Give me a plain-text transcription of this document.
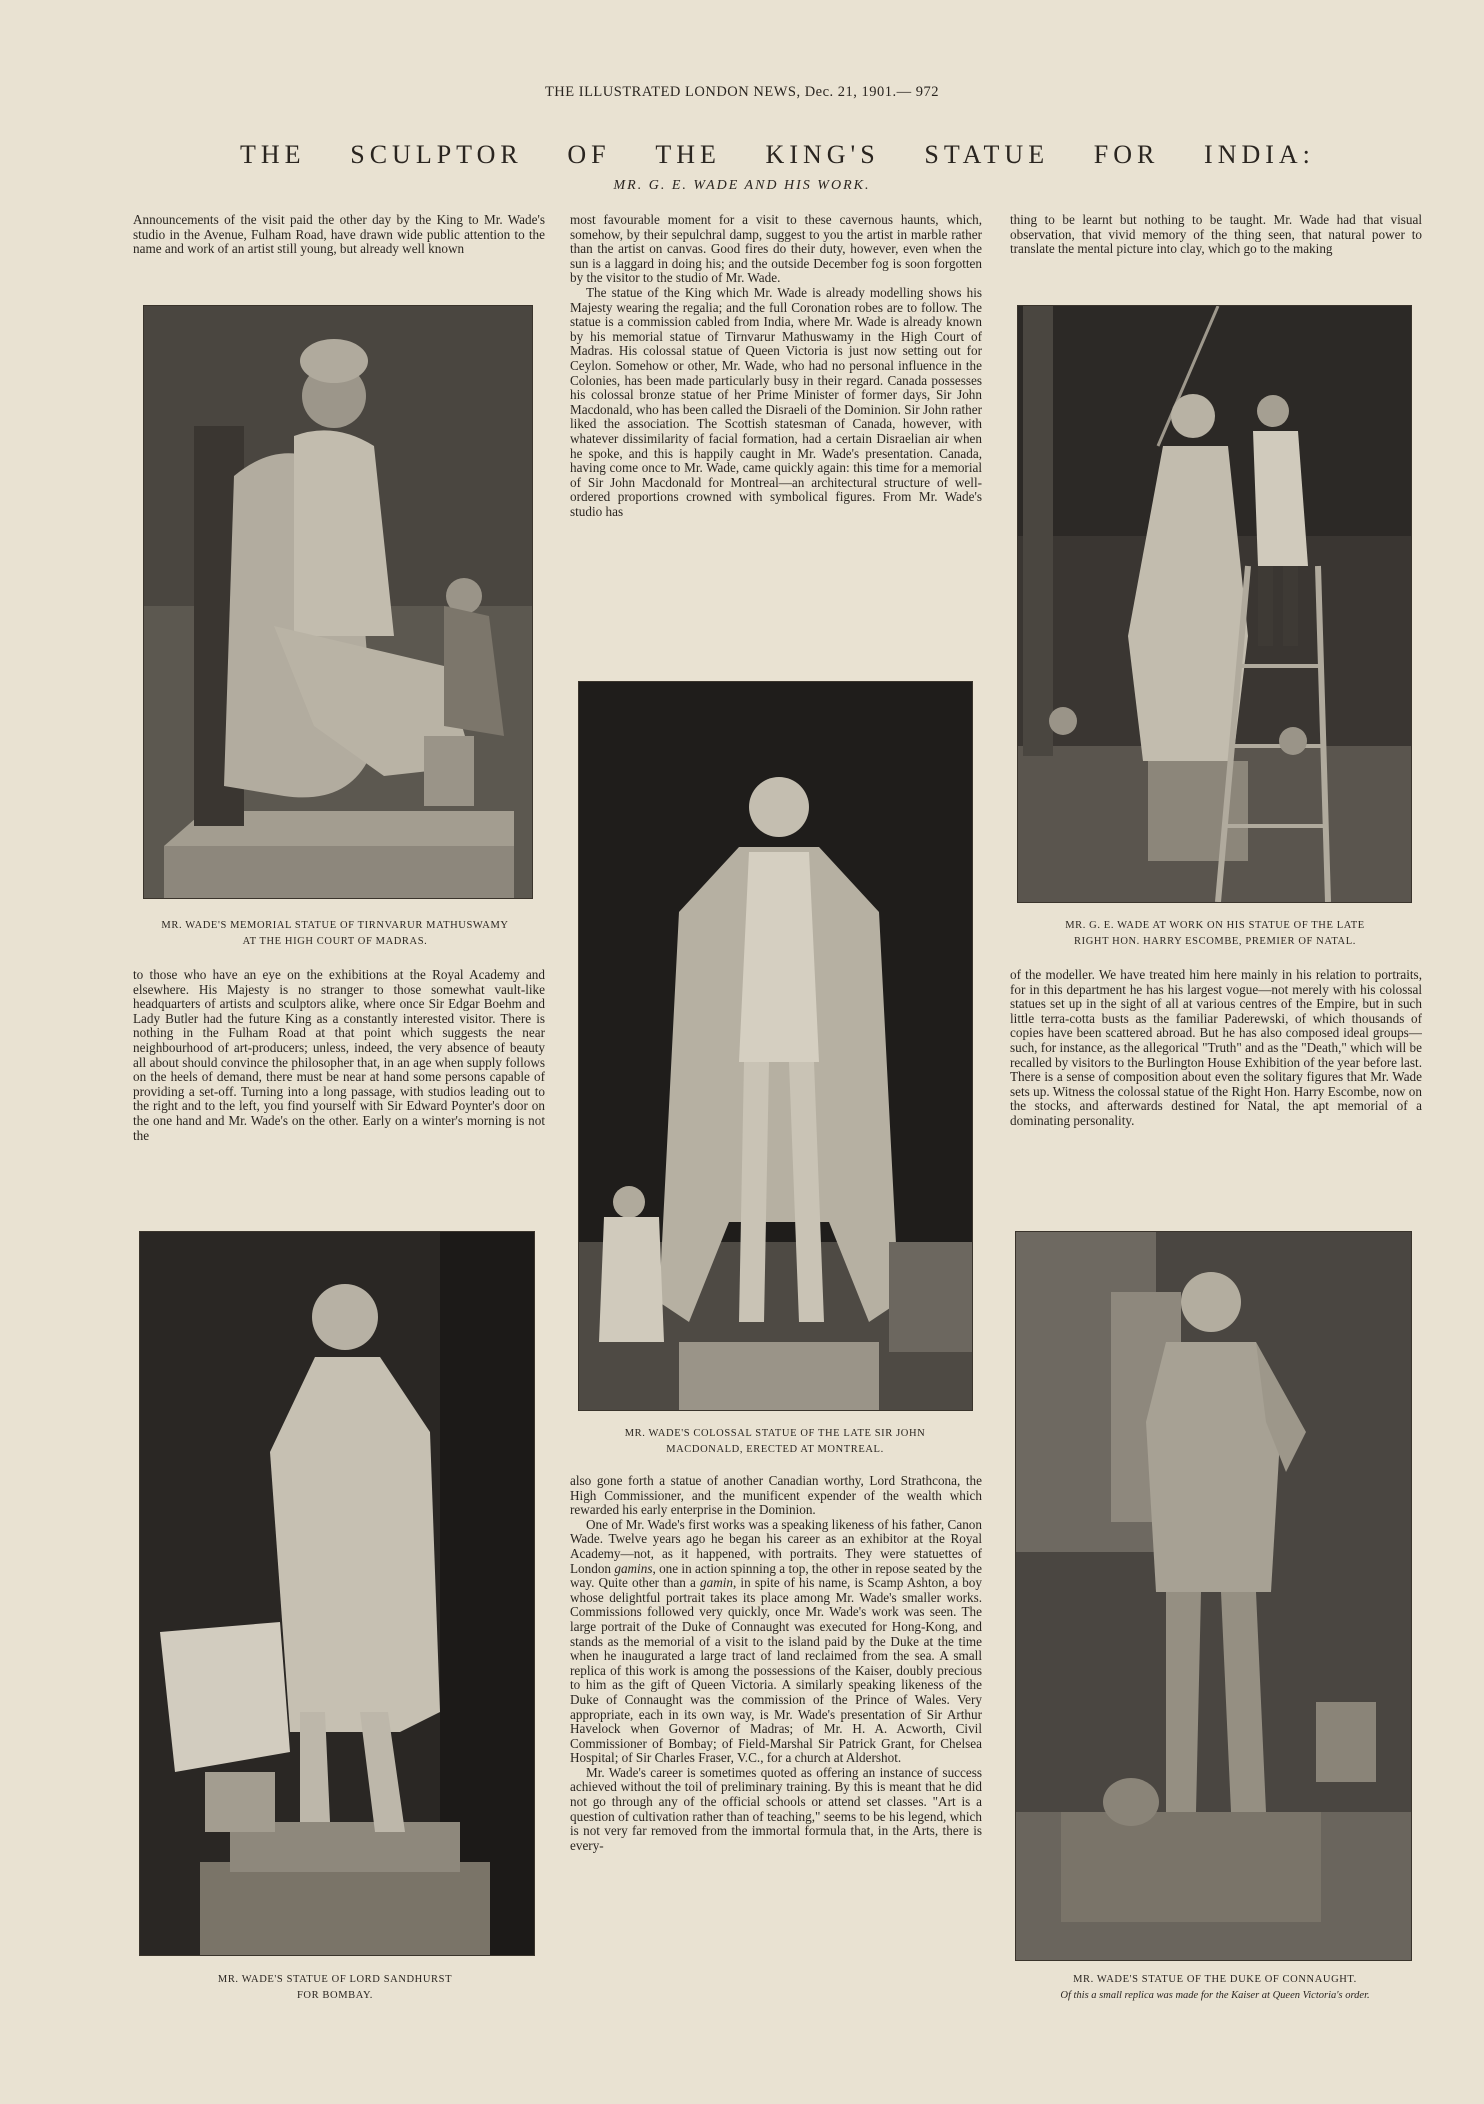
THE ILLUSTRATED LONDON NEWS, Dec. 21, 1901.— 972
THE SCULPTOR OF THE KING'S STATUE FOR INDIA:
MR. G. E. WADE AND HIS WORK.

Announcements of the visit paid the other day by the King to Mr. Wade's studio in the Avenue, Fulham Road, have drawn wide public attention to the name and work of an artist still young, but already well known

MR. WADE'S MEMORIAL STATUE OF TIRNVARUR MATHUSWAMY
AT THE HIGH COURT OF MADRAS.

to those who have an eye on the exhibitions at the Royal Academy and elsewhere. His Majesty is no stranger to those somewhat vault-like headquarters of artists and sculptors alike, where once Sir Edgar Boehm and Lady Butler had the future King as a constantly interested visitor. There is nothing in the Fulham Road at that point which suggests the near neighbourhood of art-producers; unless, indeed, the very absence of beauty all about should convince the philosopher that, in an age when supply follows on the heels of demand, there must be near at hand some persons capable of providing a set-off. Turning into a long passage, with studios leading out to the right and to the left, you find yourself with Sir Edward Poynter's door on the one hand and Mr. Wade's on the other. Early on a winter's morning is not the

MR. WADE'S STATUE OF LORD SANDHURST
FOR BOMBAY.

most favourable moment for a visit to these cavernous haunts, which, somehow, by their sepulchral damp, suggest to you the artist in marble rather than the artist on canvas. Good fires do their duty, however, even when the sun is a laggard in doing his; and the outside December fog is soon forgotten by the visitor to the studio of Mr. Wade.

The statue of the King which Mr. Wade is already modelling shows his Majesty wearing the regalia; and the full Coronation robes are to follow. The statue is a commission cabled from India, where Mr. Wade is already known by his memorial statue of Tirnvarur Mathuswamy in the High Court of Madras. His colossal statue of Queen Victoria is just now setting out for Ceylon. Somehow or other, Mr. Wade, who had no personal influence in the Colonies, has been made particularly busy in their regard. Canada possesses his colossal bronze statue of her Prime Minister of former days, Sir John Macdonald, who has been called the Disraeli of the Dominion. Sir John rather liked the association. The Scottish statesman of Canada, however, with whatever dissimilarity of facial formation, had a certain Disraelian air when he spoke, and this is happily caught in Mr. Wade's presentation. Canada, having come once to Mr. Wade, came quickly again: this time for a memorial of Sir John Macdonald for Montreal—an architectural structure of well-ordered proportions crowned with symbolical figures. From Mr. Wade's studio has

MR. WADE'S COLOSSAL STATUE OF THE LATE SIR JOHN
MACDONALD, ERECTED AT MONTREAL.

also gone forth a statue of another Canadian worthy, Lord Strathcona, the High Commissioner, and the munificent expender of the wealth which rewarded his early enterprise in the Dominion.

One of Mr. Wade's first works was a speaking likeness of his father, Canon Wade. Twelve years ago he began his career as an exhibitor at the Royal Academy—not, as it happened, with portraits. They were statuettes of London gamins, one in action spinning a top, the other in repose seated by the way. Quite other than a gamin, in spite of his name, is Scamp Ashton, a boy whose delightful portrait takes its place among Mr. Wade's smaller works. Commissions followed very quickly, once Mr. Wade's work was seen. The large portrait of the Duke of Connaught was executed for Hong-Kong, and stands as the memorial of a visit to the island paid by the Duke at the time when he inaugurated a large tract of land reclaimed from the sea. A small replica of this work is among the possessions of the Kaiser, doubly precious to him as the gift of Queen Victoria. A similarly speaking likeness of the Duke of Connaught was the commission of the Prince of Wales. Very appropriate, each in its own way, is Mr. Wade's presentation of Sir Arthur Havelock when Governor of Madras; of Mr. H. A. Acworth, Civil Commissioner of Bombay; of Field-Marshal Sir Patrick Grant, for Chelsea Hospital; of Sir Charles Fraser, V.C., for a church at Aldershot.

Mr. Wade's career is sometimes quoted as offering an instance of success achieved without the toil of preliminary training. By this is meant that he did not go through any of the official schools or attend set classes. "Art is a question of cultivation rather than of teaching," seems to be his legend, which is not very far removed from the immortal formula that, in the Arts, there is every-

thing to be learnt but nothing to be taught. Mr. Wade had that visual observation, that vivid memory of the thing seen, that natural power to translate the mental picture into clay, which go to the making

MR. G. E. WADE AT WORK ON HIS STATUE OF THE LATE
RIGHT HON. HARRY ESCOMBE, PREMIER OF NATAL.

of the modeller. We have treated him here mainly in his relation to portraits, for in this department he has his largest vogue—not merely with his colossal statues set up in the sight of all at various centres of the Empire, but in such little terra-cotta busts as the familiar Paderewski, of which thousands of copies have been scattered abroad. But he has also composed ideal groups—such, for instance, as the allegorical "Truth" and as the "Death," which will be recalled by visitors to the Burlington House Exhibition of the year before last. There is a sense of composition about even the solitary figures that Mr. Wade sets up. Witness the colossal statue of the Right Hon. Harry Escombe, now on the stocks, and afterwards destined for Natal, the apt memorial of a dominating personality.

MR. WADE'S STATUE OF THE DUKE OF CONNAUGHT.
Of this a small replica was made for the Kaiser at Queen Victoria's order.
